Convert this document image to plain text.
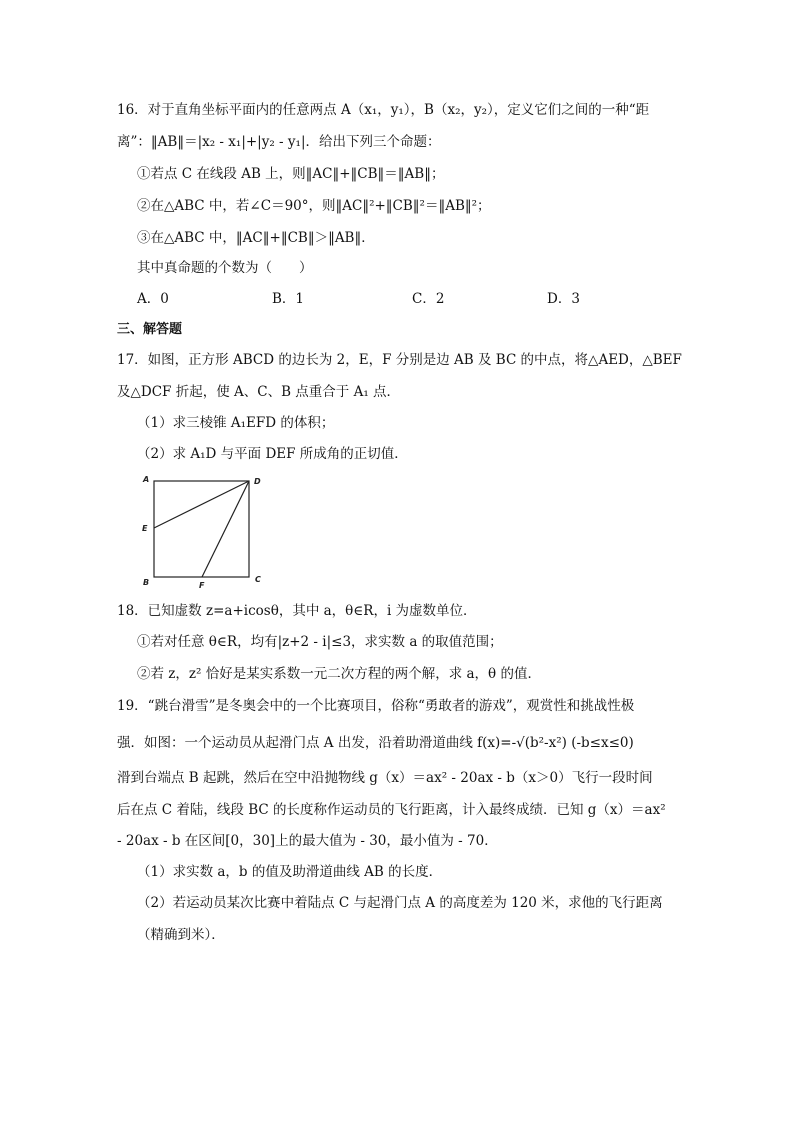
16．对于直角坐标平面内的任意两点 A（x₁，y₁），B（x₂，y₂），定义它们之间的一种“距
离”：‖AB‖＝|x₂ - x₁|+|y₂ - y₁|．给出下列三个命题：
①若点 C 在线段 AB 上，则‖AC‖+‖CB‖＝‖AB‖；
②在△ABC 中，若∠C＝90°，则‖AC‖²+‖CB‖²＝‖AB‖²；
③在△ABC 中，‖AC‖+‖CB‖＞‖AB‖．
其中真命题的个数为（　　）
A．0	B．1	C．2	D．3
三、解答题
17．如图，正方形 ABCD 的边长为 2，E，F 分别是边 AB 及 BC 的中点，将△AED，△BEF
及△DCF 折起，使 A、C、B 点重合于 A₁ 点．
（1）求三棱锥 A₁EFD 的体积；
（2）求 A₁D 与平面 DEF 所成角的正切值．
A	D
E
B	F
C
18．已知虚数 z=a+icosθ，其中 a，θ∈R，i 为虚数单位．
①若对任意 θ∈R，均有|z+2 - i|≤3，求实数 a 的取值范围；
②若 z，z² 恰好是某实系数一元二次方程的两个解，求 a，θ 的值．
19．“跳台滑雪”是冬奥会中的一个比赛项目，俗称“勇敢者的游戏”，观赏性和挑战性极
强．如图：一个运动员从起滑门点 A 出发，沿着助滑道曲线 f(x)=-√(b²-x²) (-b≤x≤0)
滑到台端点 B 起跳，然后在空中沿抛物线 g（x）＝ax² - 20ax - b（x＞0）飞行一段时间
后在点 C 着陆，线段 BC 的长度称作运动员的飞行距离，计入最终成绩．已知 g（x）＝ax²
- 20ax - b 在区间[0，30]上的最大值为 - 30，最小值为 - 70．
（1）求实数 a，b 的值及助滑道曲线 AB 的长度．
（2）若运动员某次比赛中着陆点 C 与起滑门点 A 的高度差为 120 米，求他的飞行距离
（精确到米）．
